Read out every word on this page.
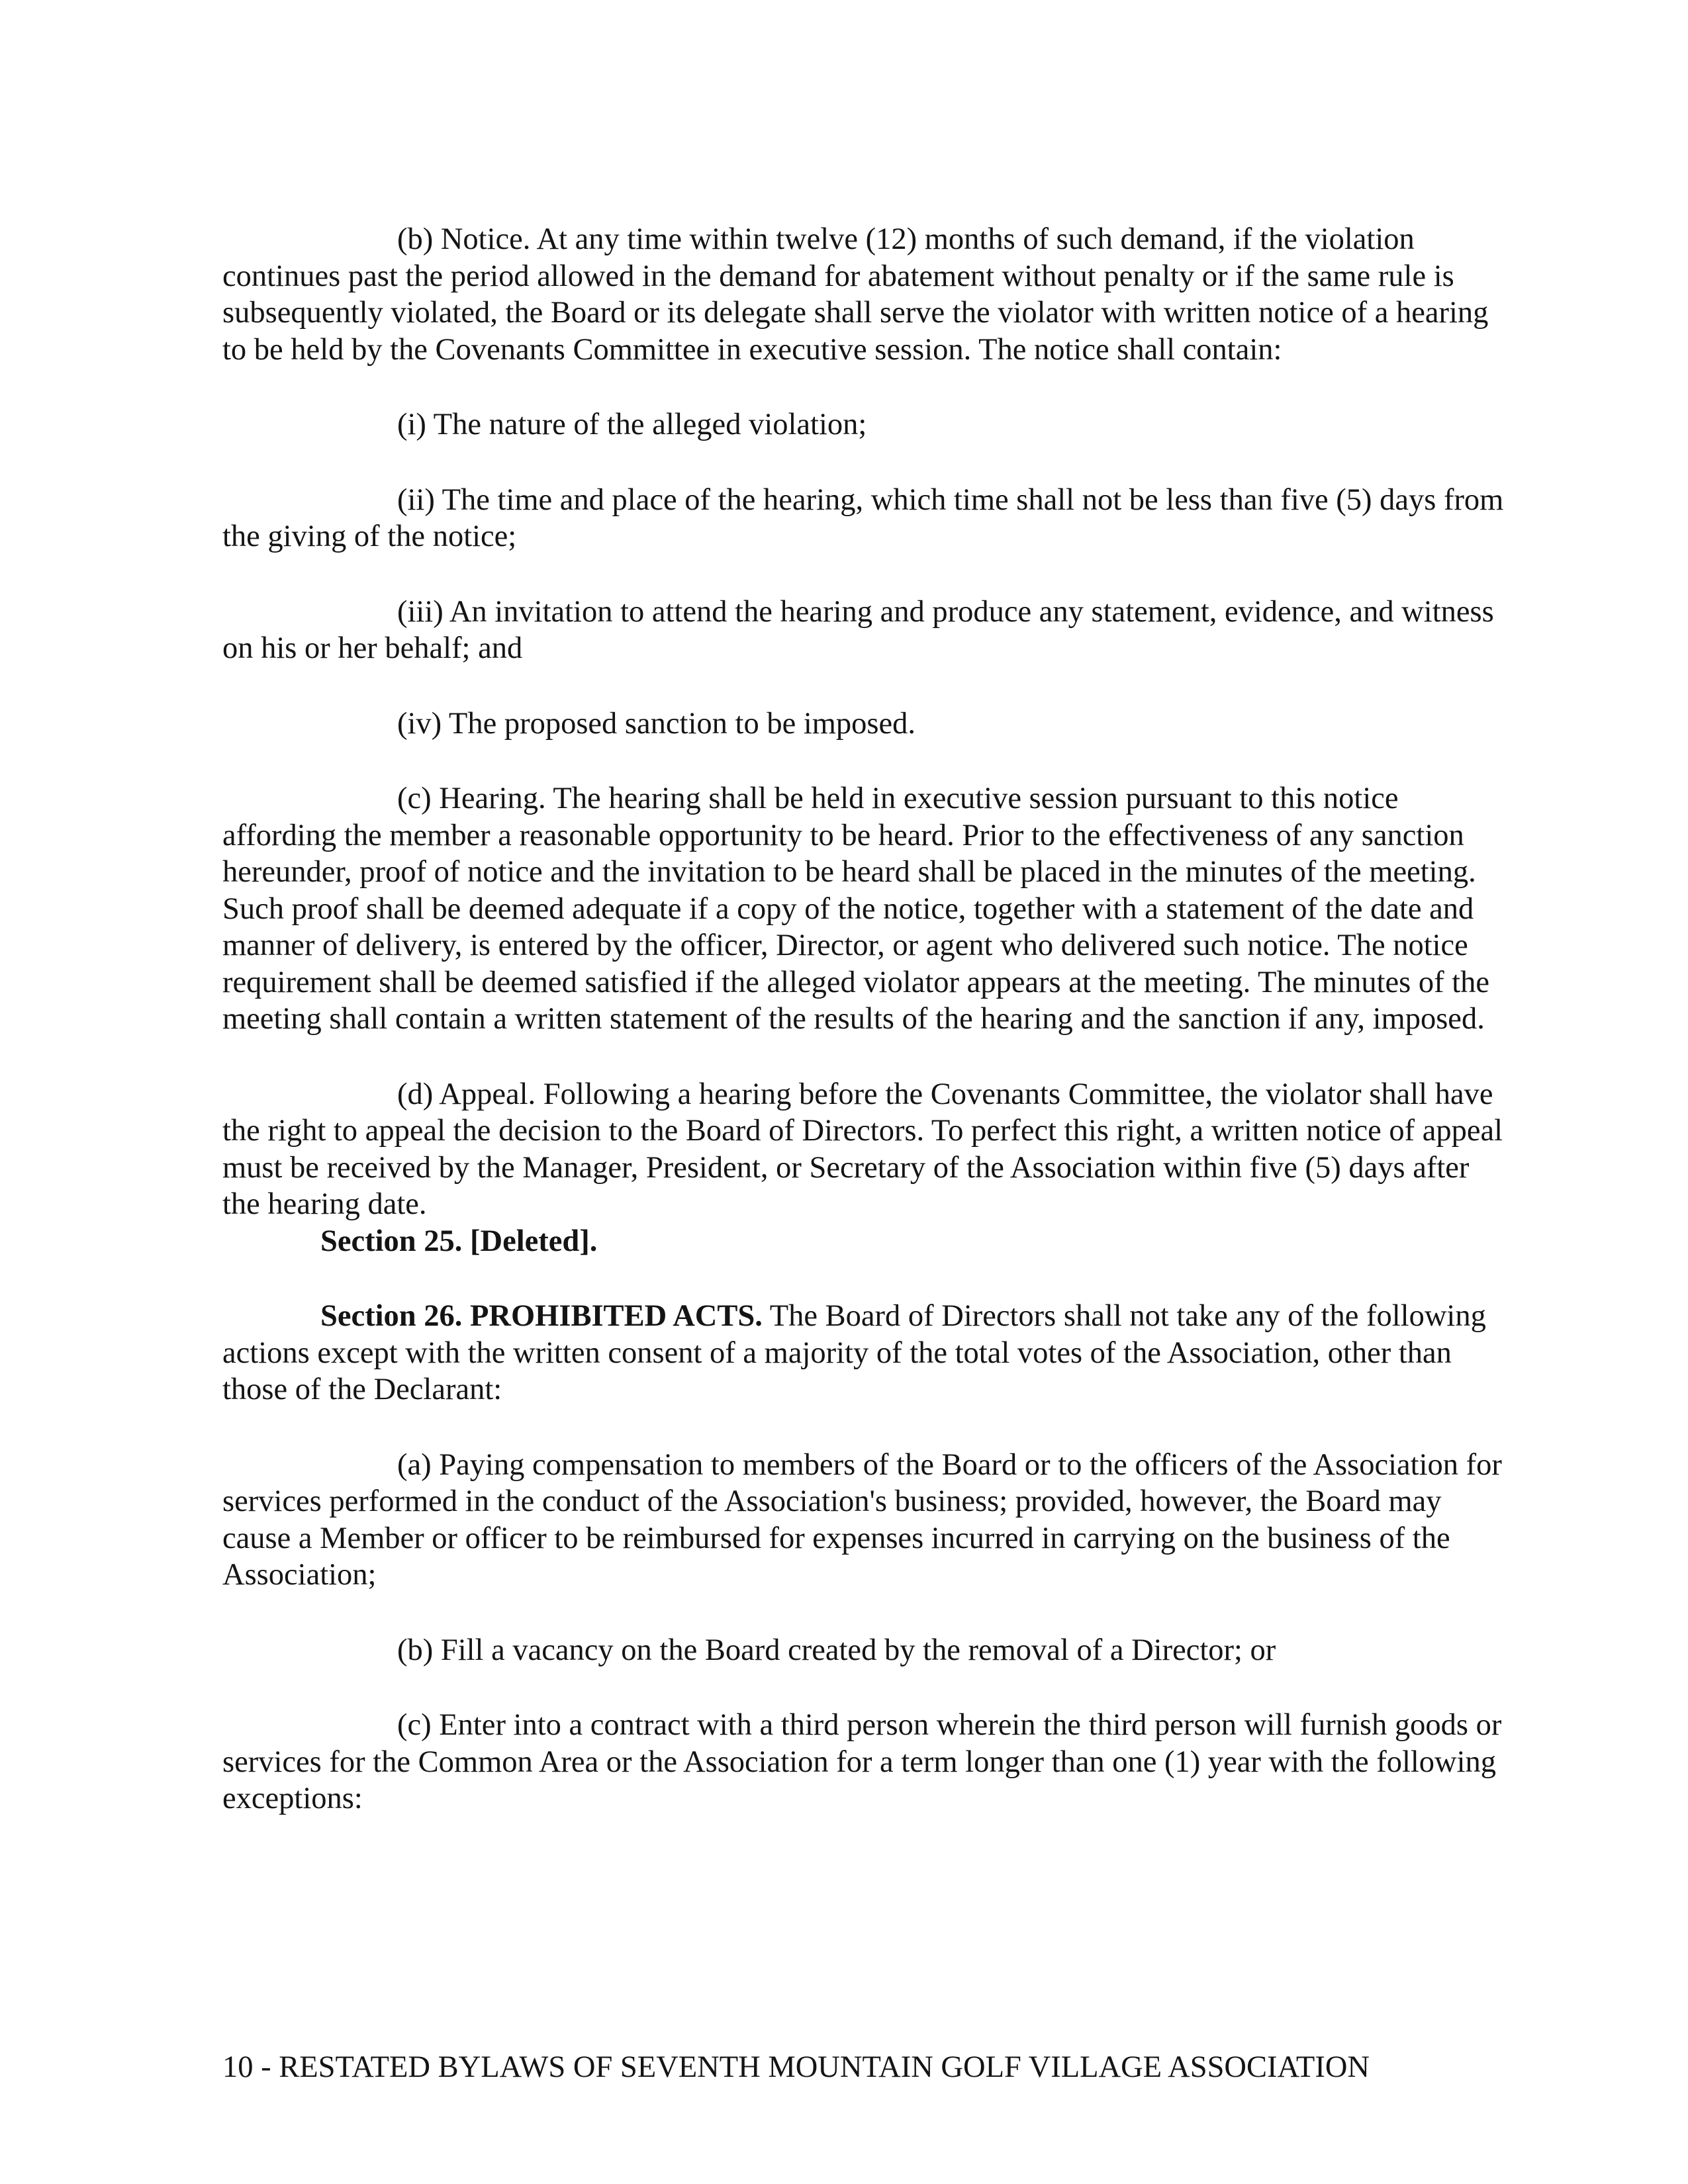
(b) Notice. At any time within twelve (12) months of such demand, if the violation continues past the period allowed in the demand for abatement without penalty or if the same rule is subsequently violated, the Board or its delegate shall serve the violator with written notice of a hearing to be held by the Covenants Committee in executive session. The notice shall contain:

(i) The nature of the alleged violation;

(ii) The time and place of the hearing, which time shall not be less than five (5) days from the giving of the notice;

(iii) An invitation to attend the hearing and produce any statement, evidence, and witness on his or her behalf; and

(iv) The proposed sanction to be imposed.

(c) Hearing. The hearing shall be held in executive session pursuant to this notice affording the member a reasonable opportunity to be heard. Prior to the effectiveness of any sanction hereunder, proof of notice and the invitation to be heard shall be placed in the minutes of the meeting. Such proof shall be deemed adequate if a copy of the notice, together with a statement of the date and manner of delivery, is entered by the officer, Director, or agent who delivered such notice. The notice requirement shall be deemed satisfied if the alleged violator appears at the meeting. The minutes of the meeting shall contain a written statement of the results of the hearing and the sanction if any, imposed.

(d) Appeal. Following a hearing before the Covenants Committee, the violator shall have the right to appeal the decision to the Board of Directors. To perfect this right, a written notice of appeal must be received by the Manager, President, or Secretary of the Association within five (5) days after the hearing date.

Section 25. [Deleted].

Section 26. PROHIBITED ACTS. The Board of Directors shall not take any of the following actions except with the written consent of a majority of the total votes of the Association, other than those of the Declarant:

(a) Paying compensation to members of the Board or to the officers of the Association for services performed in the conduct of the Association's business; provided, however, the Board may cause a Member or officer to be reimbursed for expenses incurred in carrying on the business of the Association;

(b) Fill a vacancy on the Board created by the removal of a Director; or

(c) Enter into a contract with a third person wherein the third person will furnish goods or services for the Common Area or the Association for a term longer than one (1) year with the following exceptions:

10 - RESTATED BYLAWS OF SEVENTH MOUNTAIN GOLF VILLAGE ASSOCIATION
